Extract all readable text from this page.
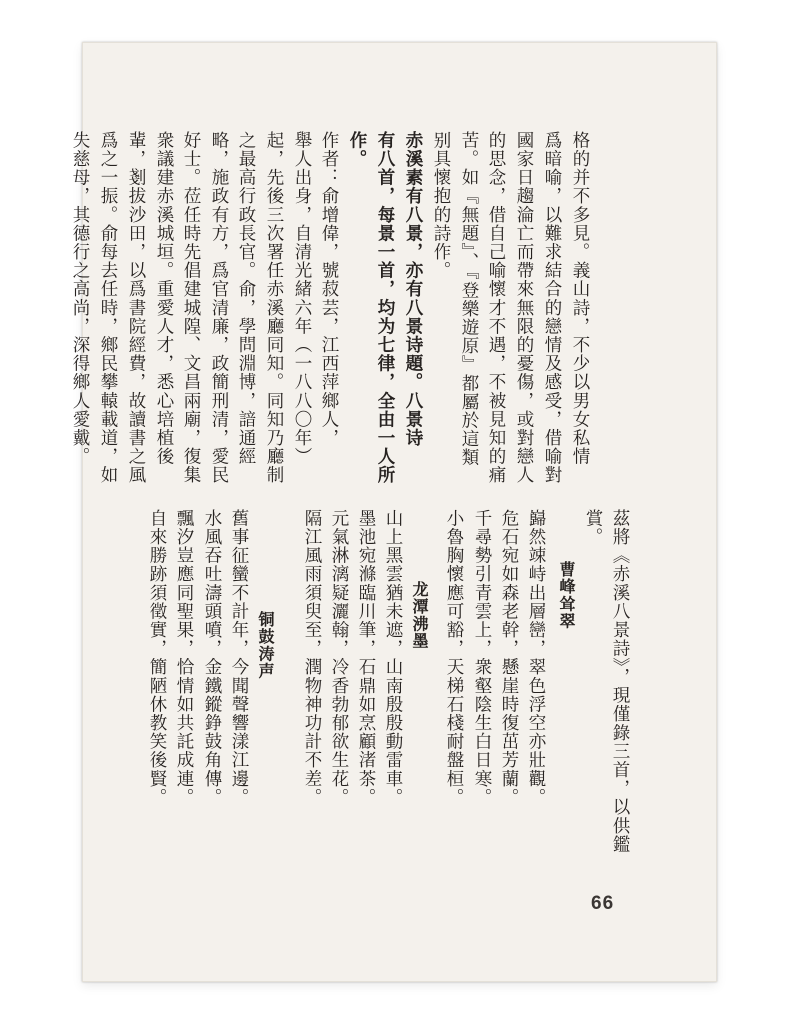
格的并不多見。義山詩，不少以男女私情
爲暗喻，以難求結合的戀情及感受，借喻對
國家日趨淪亡而帶來無限的憂傷，或對戀人
的思念，借自己喻懷才不遇，不被見知的痛
苦。如『無題』、『登樂遊原』都屬於這類
别具懷抱的詩作。
赤溪素有八景，亦有八景诗題。八景诗
有八首，每景一首，均为七律，全由一人所
作。
作者：俞增偉，號菽芸，江西萍鄉人，
舉人出身，自清光緒六年（一八八〇年）
起，先後三次署任赤溪廳同知。同知乃廳制
之最高行政長官。俞，學問淵博，諳通經
略，施政有方，爲官清廉，政簡刑清，愛民
好士。莅任時先倡建城隍、文昌兩廟，復集
衆議建赤溪城垣。重愛人才，悉心培植後
輩，剗拔沙田，以爲書院經費，故讀書之風
爲之一振。俞每去任時，鄉民攀轅載道，如
失慈母，其德行之高尚，深得鄉人愛戴。
茲將《赤溪八景詩》，現僅錄三首，以供鑑
賞。
曹峰耸翠
巋然竦峙出層巒，翠色浮空亦壯觀。
危石宛如森老幹，懸崖時復茁芳蘭。
千尋勢引青雲上，衆壑陰生白日寒。
小魯胸懷應可豁，天梯石棧耐盤桓。
龙潭沸墨
山上黑雲猶未遮，山南殷殷動雷車。
墨池宛滌臨川筆，石鼎如烹顧渚茶。
元氣淋漓疑灑翰，冷香勃郁欲生花。
隔江風雨須臾至，潤物神功計不差。
铜鼓涛声
舊事征蠻不計年，今聞聲響漾江邊。
水風吞吐濤頭噴，金鐵鏦錚鼓角傳。
飄汐豈應同聖果，恰情如共託成連。
自來勝跡須徵實，簡陋休教笑後賢。
66
